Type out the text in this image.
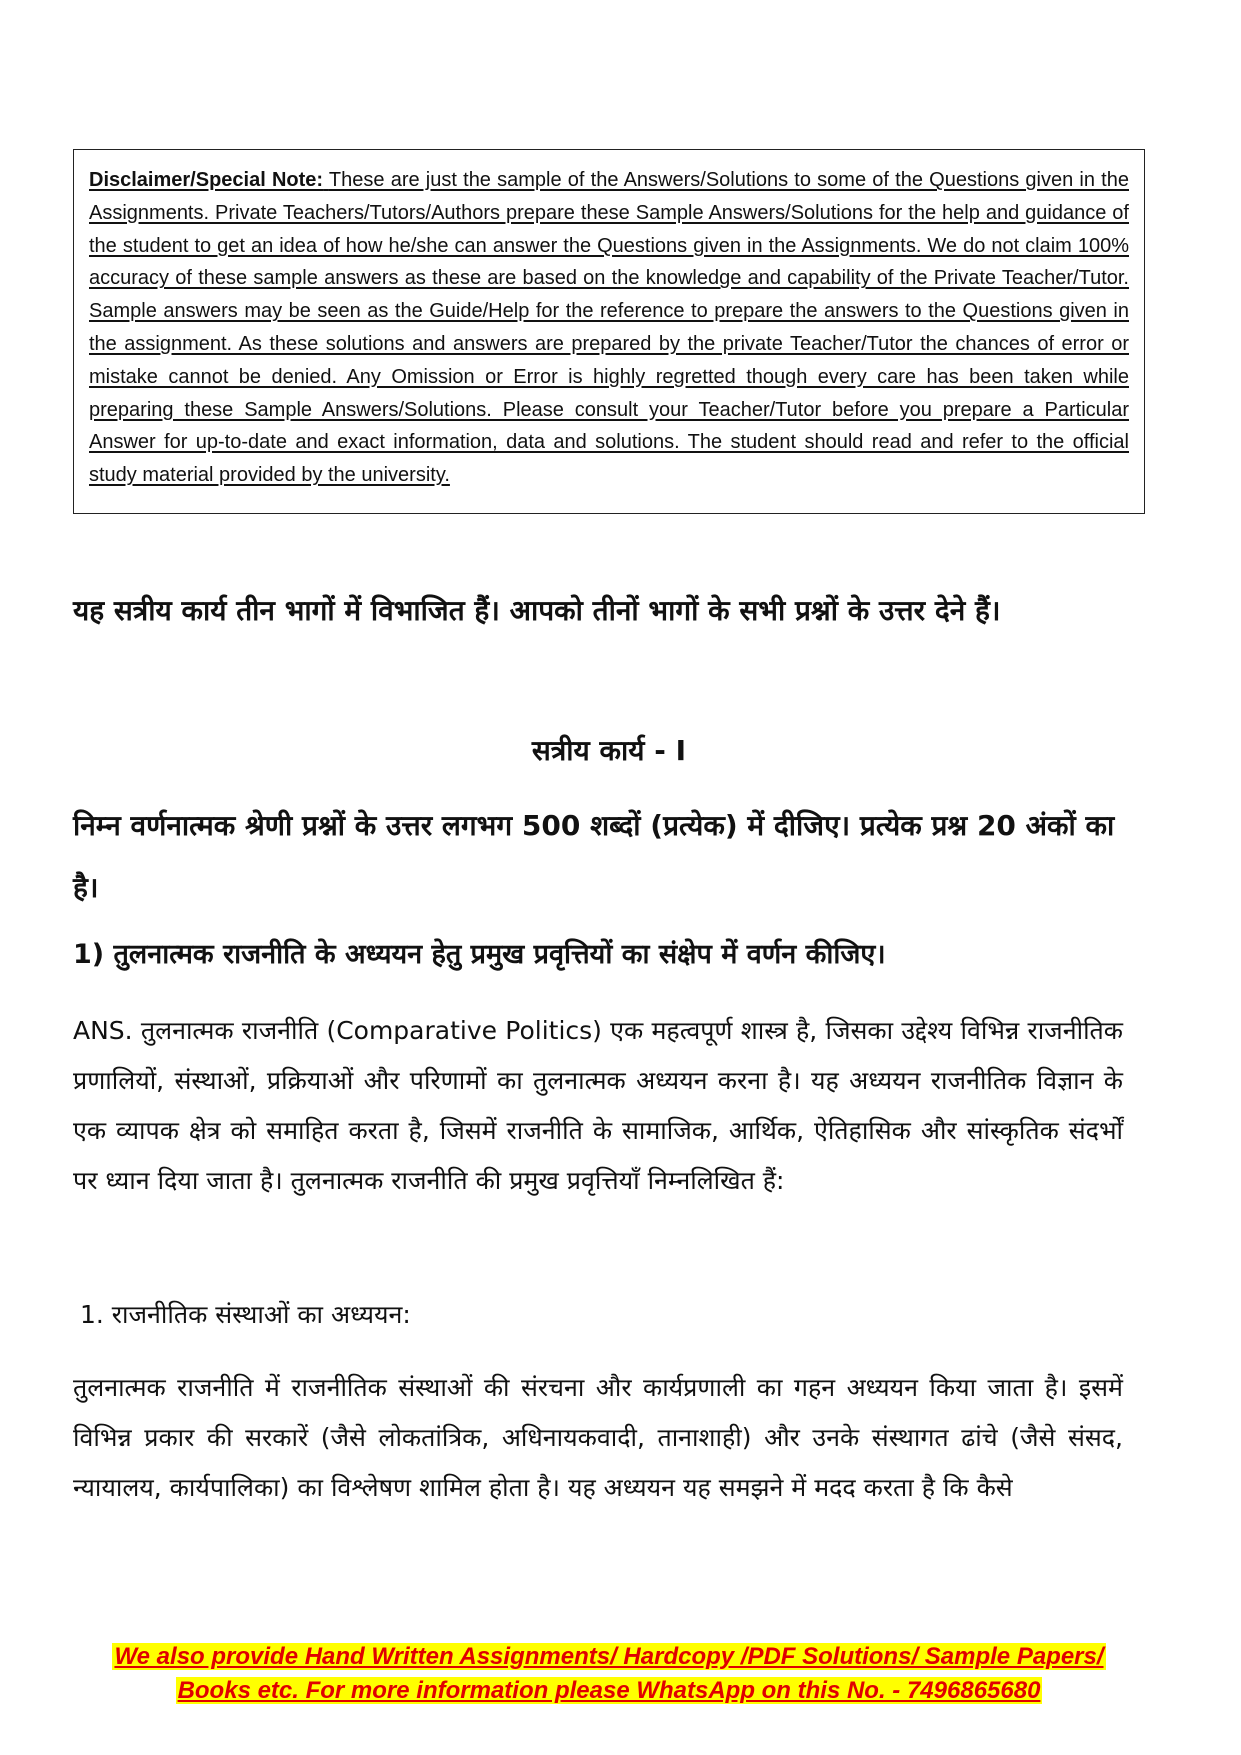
Disclaimer/Special Note: These are just the sample of the Answers/Solutions to some of the Questions given in the Assignments. Private Teachers/Tutors/Authors prepare these Sample Answers/Solutions for the help and guidance of the student to get an idea of how he/she can answer the Questions given in the Assignments. We do not claim 100% accuracy of these sample answers as these are based on the knowledge and capability of the Private Teacher/Tutor. Sample answers may be seen as the Guide/Help for the reference to prepare the answers to the Questions given in the assignment. As these solutions and answers are prepared by the private Teacher/Tutor the chances of error or mistake cannot be denied. Any Omission or Error is highly regretted though every care has been taken while preparing these Sample Answers/Solutions. Please consult your Teacher/Tutor before you prepare a Particular Answer for up-to-date and exact information, data and solutions. The student should read and refer to the official study material provided by the university.
यह सत्रीय कार्य तीन भागों में विभाजित हैं। आपको तीनों भागों के सभी प्रश्नों के उत्तर देने हैं।
सत्रीय कार्य - I
निम्न वर्णनात्मक श्रेणी प्रश्नों के उत्तर लगभग 500 शब्दों (प्रत्येक) में दीजिए। प्रत्येक प्रश्न 20 अंकों का है।
1) तुलनात्मक राजनीति के अध्ययन हेतु प्रमुख प्रवृत्तियों का संक्षेप में वर्णन कीजिए।
ANS. तुलनात्मक राजनीति (Comparative Politics) एक महत्वपूर्ण शास्त्र है, जिसका उद्देश्य विभिन्न राजनीतिक प्रणालियों, संस्थाओं, प्रक्रियाओं और परिणामों का तुलनात्मक अध्ययन करना है। यह अध्ययन राजनीतिक विज्ञान के एक व्यापक क्षेत्र को समाहित करता है, जिसमें राजनीति के सामाजिक, आर्थिक, ऐतिहासिक और सांस्कृतिक संदर्भों पर ध्यान दिया जाता है। तुलनात्मक राजनीति की प्रमुख प्रवृत्तियाँ निम्नलिखित हैं:
1. राजनीतिक संस्थाओं का अध्ययन:
तुलनात्मक राजनीति में राजनीतिक संस्थाओं की संरचना और कार्यप्रणाली का गहन अध्ययन किया जाता है। इसमें विभिन्न प्रकार की सरकारें (जैसे लोकतांत्रिक, अधिनायकवादी, तानाशाही) और उनके संस्थागत ढांचे (जैसे संसद, न्यायालय, कार्यपालिका) का विश्लेषण शामिल होता है। यह अध्ययन यह समझने में मदद करता है कि कैसे
We also provide Hand Written Assignments/ Hardcopy /PDF Solutions/ Sample Papers/
Books etc. For more information please WhatsApp on this No. - 7496865680
